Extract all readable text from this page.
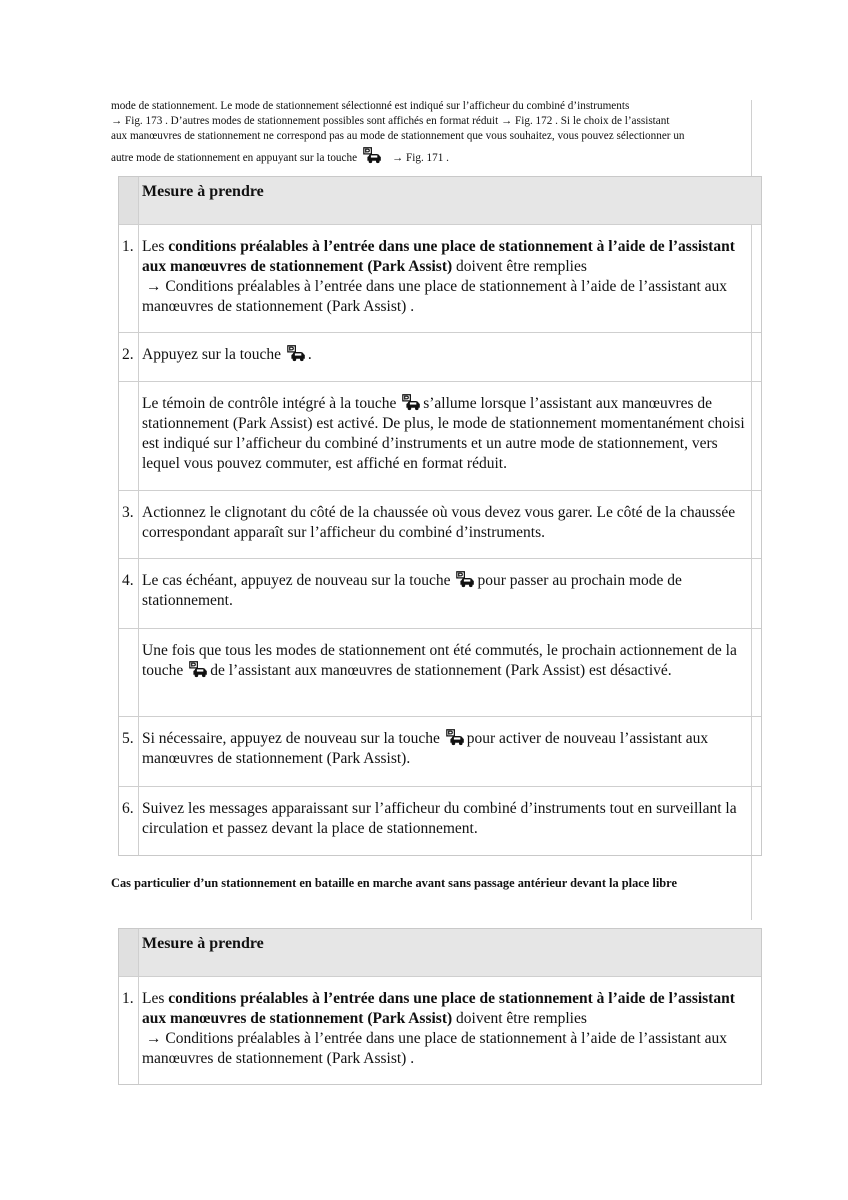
mode de stationnement. Le mode de stationnement sélectionné est indiqué sur l’afficheur du combiné d’instruments

→ Fig. 173 . D’autres modes de stationnement possibles sont affichés en format réduit → Fig. 172 . Si le choix de l’assistant

aux manœuvres de stationnement ne correspond pas au mode de stationnement que vous souhaitez, vous pouvez sélectionner un

autre mode de stationnement en appuyant sur la touche	→ Fig. 171 .

Mesure à prendre
1. Les conditions préalables à l’entrée dans une place de stationnement à l’aide de l’assistant aux manœuvres de stationnement (Park Assist) doivent être remplies
→ Conditions préalables à l’entrée dans une place de stationnement à l’aide de l’assistant aux manœuvres de stationnement (Park Assist) .
2. Appuyez sur la touche .
Le témoin de contrôle intégré à la touche s’allume lorsque l’assistant aux manœuvres de stationnement (Park Assist) est activé. De plus, le mode de stationnement momentanément choisi est indiqué sur l’afficheur du combiné d’instruments et un autre mode de stationnement, vers lequel vous pouvez commuter, est affiché en format réduit.
3. Actionnez le clignotant du côté de la chaussée où vous devez vous garer. Le côté de la chaussée correspondant apparaît sur l’afficheur du combiné d’instruments.
4. Le cas échéant, appuyez de nouveau sur la touche pour passer au prochain mode de stationnement.
Une fois que tous les modes de stationnement ont été commutés, le prochain actionnement de la touche de l’assistant aux manœuvres de stationnement (Park Assist) est désactivé.
5. Si nécessaire, appuyez de nouveau sur la touche pour activer de nouveau l’assistant aux manœuvres de stationnement (Park Assist).
6. Suivez les messages apparaissant sur l’afficheur du combiné d’instruments tout en surveillant la circulation et passez devant la place de stationnement.
Cas particulier d’un stationnement en bataille en marche avant sans passage antérieur devant la place libre
Mesure à prendre
1. Les conditions préalables à l’entrée dans une place de stationnement à l’aide de l’assistant aux manœuvres de stationnement (Park Assist) doivent être remplies
→ Conditions préalables à l’entrée dans une place de stationnement à l’aide de l’assistant aux manœuvres de stationnement (Park Assist) .
